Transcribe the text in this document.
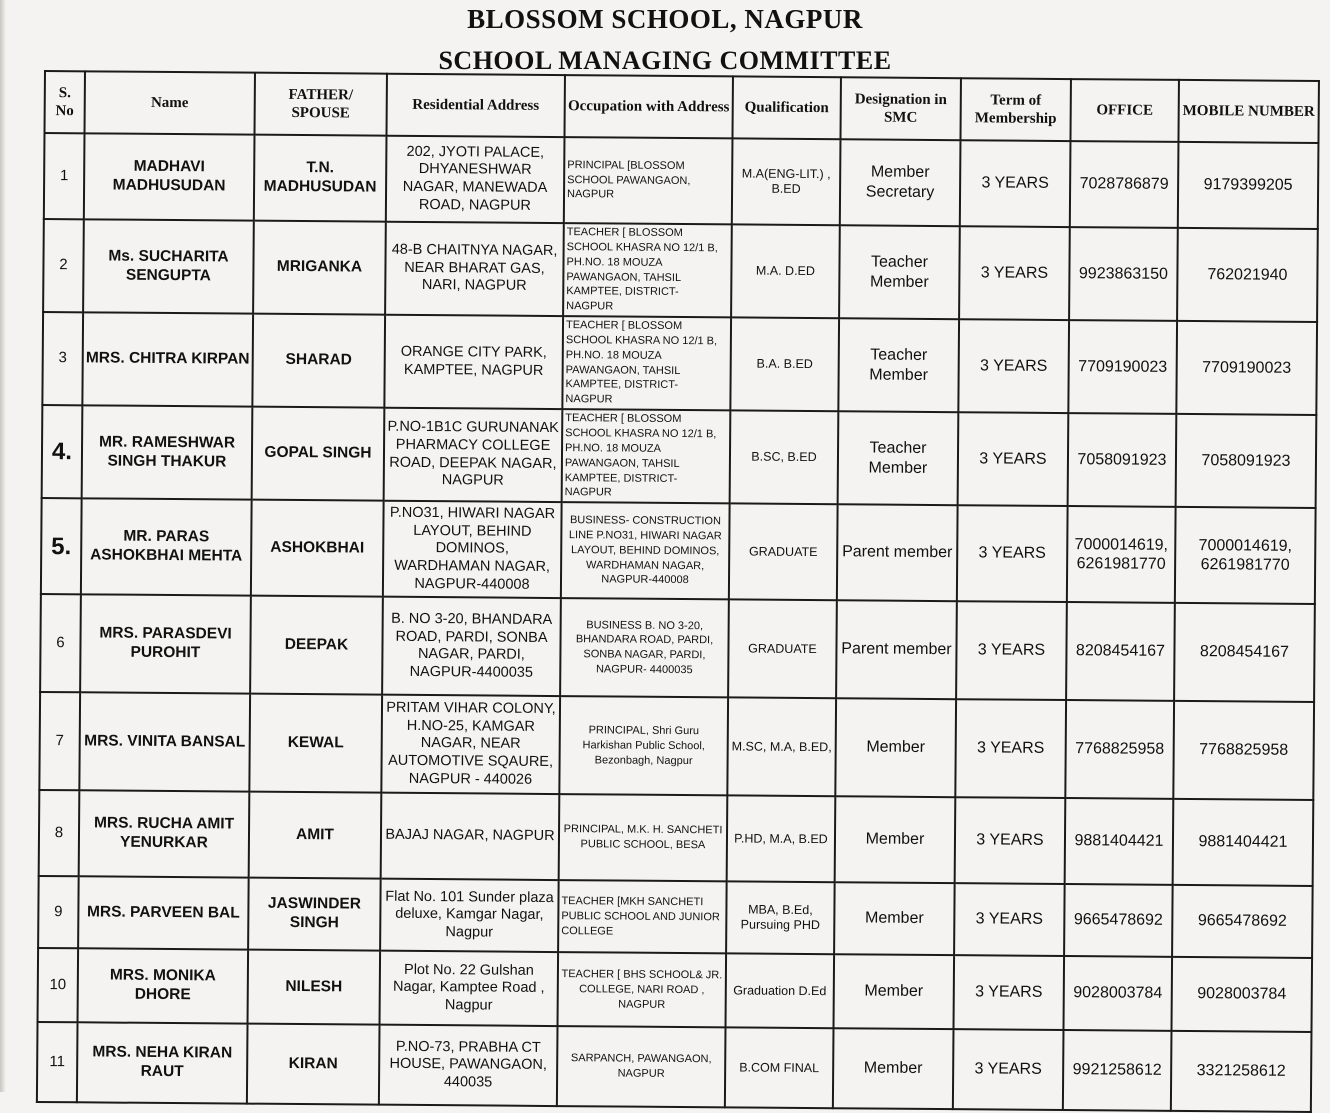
BLOSSOM SCHOOL, NAGPUR
SCHOOL MANAGING COMMITTEE
S. No	Name	FATHER/ SPOUSE	Residential Address	Occupation with Address	Qualification	Designation in SMC	Term of Membership	OFFICE	MOBILE NUMBER
1	MADHAVI MADHUSUDAN	T.N. MADHUSUDAN	202, JYOTI PALACE, DHYANESHWAR NAGAR, MANEWADA ROAD, NAGPUR	PRINCIPAL [BLOSSOM SCHOOL PAWANGAON, NAGPUR	M.A(ENG-LIT.) , B.ED	Member Secretary	3 YEARS	7028786879	9179399205
2	Ms. SUCHARITA SENGUPTA	MRIGANKA	48-B CHAITNYA NAGAR, NEAR BHARAT GAS, NARI, NAGPUR	TEACHER [ BLOSSOM SCHOOL KHASRA NO 12/1 B, PH.NO. 18 MOUZA PAWANGAON, TAHSIL KAMPTEE, DISTRICT- NAGPUR	M.A. D.ED	Teacher Member	3 YEARS	9923863150	762021940
3	MRS. CHITRA KIRPAN	SHARAD	ORANGE CITY PARK, KAMPTEE, NAGPUR	TEACHER [ BLOSSOM SCHOOL KHASRA NO 12/1 B, PH.NO. 18 MOUZA PAWANGAON, TAHSIL KAMPTEE, DISTRICT- NAGPUR	B.A. B.ED	Teacher Member	3 YEARS	7709190023	7709190023
4.	MR. RAMESHWAR SINGH THAKUR	GOPAL SINGH	P.NO-1B1C GURUNANAK PHARMACY COLLEGE ROAD, DEEPAK NAGAR, NAGPUR	TEACHER [ BLOSSOM SCHOOL KHASRA NO 12/1 B, PH.NO. 18 MOUZA PAWANGAON, TAHSIL KAMPTEE, DISTRICT- NAGPUR	B.SC, B.ED	Teacher Member	3 YEARS	7058091923	7058091923
5.	MR. PARAS ASHOKBHAI MEHTA	ASHOKBHAI	P.NO31, HIWARI NAGAR LAYOUT, BEHIND DOMINOS, WARDHAMAN NAGAR, NAGPUR-440008	BUSINESS- CONSTRUCTION LINE P.NO31, HIWARI NAGAR LAYOUT, BEHIND DOMINOS, WARDHAMAN NAGAR, NAGPUR-440008	GRADUATE	Parent member	3 YEARS	7000014619, 6261981770	7000014619, 6261981770
6	MRS. PARASDEVI PUROHIT	DEEPAK	B. NO 3-20, BHANDARA ROAD, PARDI, SONBA NAGAR, PARDI, NAGPUR-4400035	BUSINESS B. NO 3-20, BHANDARA ROAD, PARDI, SONBA NAGAR, PARDI, NAGPUR- 4400035	GRADUATE	Parent member	3 YEARS	8208454167	8208454167
7	MRS. VINITA BANSAL	KEWAL	PRITAM VIHAR COLONY, H.NO-25, KAMGAR NAGAR, NEAR AUTOMOTIVE SQAURE, NAGPUR - 440026	PRINCIPAL, Shri Guru Harkishan Public School, Bezonbagh, Nagpur	M.SC, M.A, B.ED,	Member	3 YEARS	7768825958	7768825958
8	MRS. RUCHA AMIT YENURKAR	AMIT	BAJAJ NAGAR, NAGPUR	PRINCIPAL, M.K. H. SANCHETI PUBLIC SCHOOL, BESA	P.HD, M.A, B.ED	Member	3 YEARS	9881404421	9881404421
9	MRS. PARVEEN BAL	JASWINDER SINGH	Flat No. 101 Sunder plaza deluxe, Kamgar Nagar, Nagpur	TEACHER [MKH SANCHETI PUBLIC SCHOOL AND JUNIOR COLLEGE	MBA, B.Ed, Pursuing PHD	Member	3 YEARS	9665478692	9665478692
10	MRS. MONIKA DHORE	NILESH	Plot No. 22 Gulshan Nagar, Kamptee Road , Nagpur	TEACHER [ BHS SCHOOL& JR. COLLEGE, NARI ROAD , NAGPUR	Graduation D.Ed	Member	3 YEARS	9028003784	9028003784
11	MRS. NEHA KIRAN RAUT	KIRAN	P.NO-73, PRABHA CT HOUSE, PAWANGAON, 440035	SARPANCH, PAWANGAON, NAGPUR	B.COM FINAL	Member	3 YEARS	9921258612	3321258612
